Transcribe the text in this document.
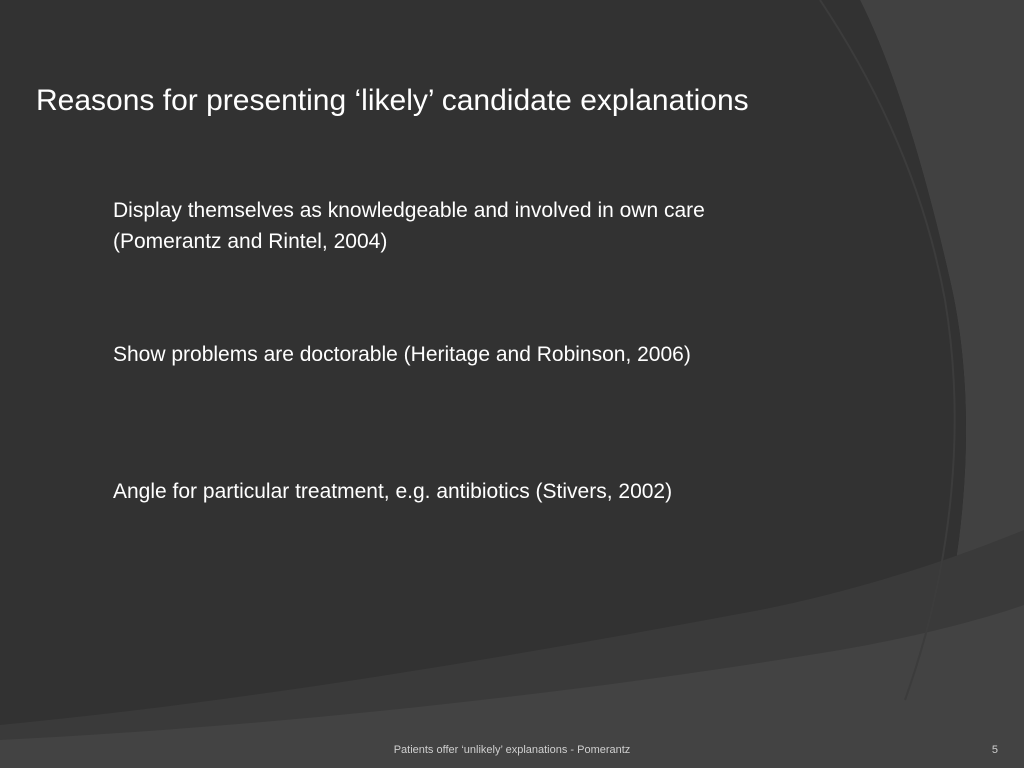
Reasons for presenting ‘likely’ candidate explanations
Display themselves as knowledgeable and involved in own care
(Pomerantz and Rintel, 2004)
Show problems are doctorable (Heritage and Robinson, 2006)
Angle for particular treatment, e.g. antibiotics (Stivers, 2002)
Patients offer ‘unlikely’ explanations - Pomerantz	5
